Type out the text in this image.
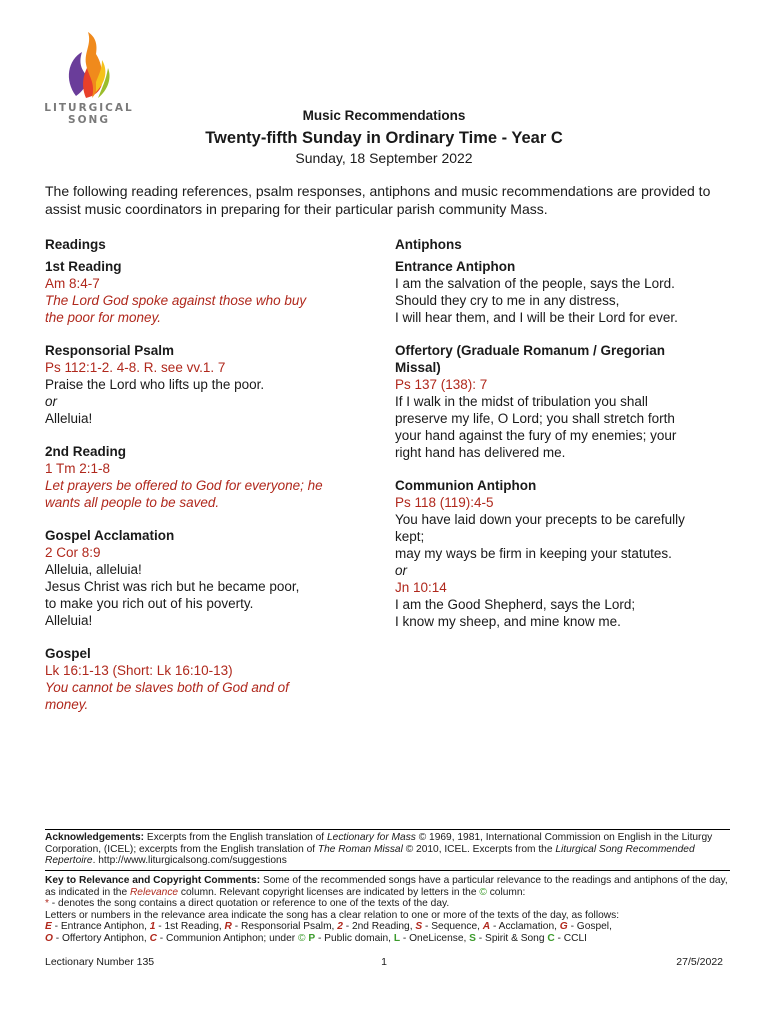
LITURGICAL
SONG	Music Recommendations
Twenty-fifth Sunday in Ordinary Time - Year C
Sunday, 18 September 2022

The following reading references, psalm responses, antiphons and music recommendations are provided to assist music coordinators in preparing for their particular parish community Mass.

Readings
1st Reading
Am 8:4-7
The Lord God spoke against those who buy
the poor for money.
Responsorial Psalm
Ps 112:1-2. 4-8. R. see vv.1. 7
Praise the Lord who lifts up the poor.
or
Alleluia!
2nd Reading
1 Tm 2:1-8
Let prayers be offered to God for everyone; he
wants all people to be saved.
Gospel Acclamation
2 Cor 8:9
Alleluia, alleluia!
Jesus Christ was rich but he became poor,
to make you rich out of his poverty.
Alleluia!
Gospel
Lk 16:1-13 (Short: Lk 16:10-13)
You cannot be slaves both of God and of
money.
Antiphons
Entrance Antiphon
I am the salvation of the people, says the Lord.
Should they cry to me in any distress,
I will hear them, and I will be their Lord for ever.
Offertory (Graduale Romanum / Gregorian
Missal)
Ps 137 (138): 7
If I walk in the midst of tribulation you shall
preserve my life, O Lord; you shall stretch forth
your hand against the fury of my enemies; your
right hand has delivered me.
Communion Antiphon
Ps 118 (119):4-5
You have laid down your precepts to be carefully
kept;
may my ways be firm in keeping your statutes.
or
Jn 10:14
I am the Good Shepherd, says the Lord;
I know my sheep, and mine know me.
Acknowledgements: Excerpts from the English translation of Lectionary for Mass © 1969, 1981, International Commission on English in the Liturgy Corporation, (ICEL); excerpts from the English translation of The Roman Missal © 2010, ICEL. Excerpts from the Liturgical Song Recommended Repertoire. http://www.liturgicalsong.com/suggestions
Key to Relevance and Copyright Comments: Some of the recommended songs have a particular relevance to the readings and antiphons of the day, as indicated in the Relevance column. Relevant copyright licenses are indicated by letters in the © column:
* - denotes the song contains a direct quotation or reference to one of the texts of the day.
Letters or numbers in the relevance area indicate the song has a clear relation to one or more of the texts of the day, as follows:
E - Entrance Antiphon, 1 - 1st Reading, R - Responsorial Psalm, 2 - 2nd Reading, S - Sequence, A - Acclamation, G - Gospel,
O - Offertory Antiphon, C - Communion Antiphon; under © P - Public domain, L - OneLicense, S - Spirit & Song C - CCLI
Lectionary Number 135	1	27/5/2022
